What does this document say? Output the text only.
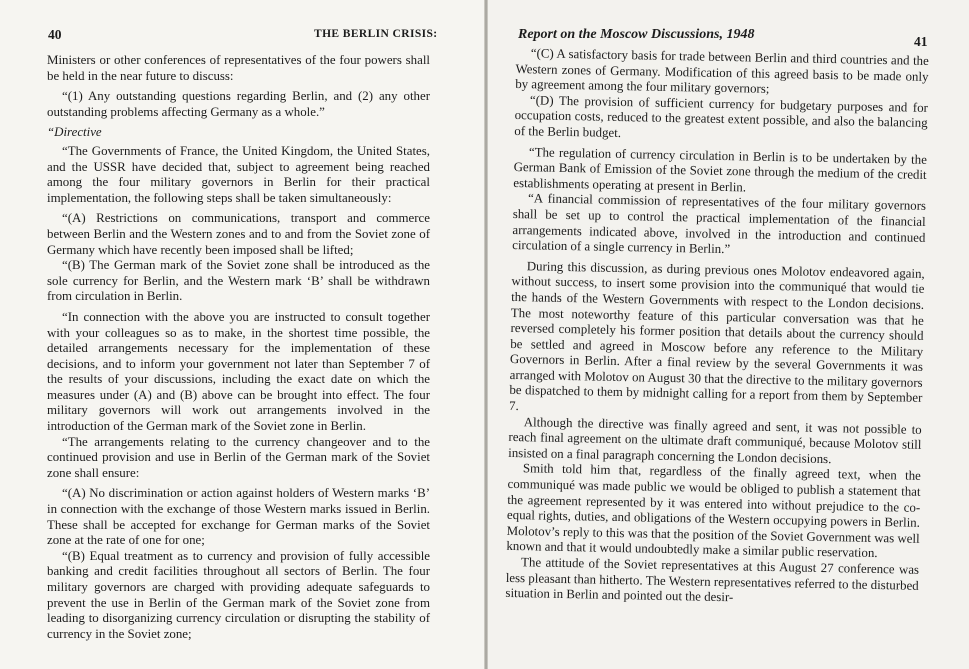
40	THE BERLIN CRISIS:

Ministers or other conferences of representatives of the four powers shall be held in the near future to discuss:

“(1) Any outstanding questions regarding Berlin, and (2) any other outstanding problems affecting Germany as a whole.”

“Directive

“The Governments of France, the United Kingdom, the United States, and the USSR have decided that, subject to agreement being reached among the four military governors in Berlin for their practical implementation, the following steps shall be taken simultaneously:

“(A) Restrictions on communications, transport and commerce between Berlin and the Western zones and to and from the Soviet zone of Germany which have recently been imposed shall be lifted;

“(B) The German mark of the Soviet zone shall be introduced as the sole currency for Berlin, and the Western mark ‘B’ shall be withdrawn from circulation in Berlin.

“In connection with the above you are instructed to consult together with your colleagues so as to make, in the shortest time possible, the detailed arrangements necessary for the implementation of these decisions, and to inform your government not later than September 7 of the results of your discussions, including the exact date on which the measures under (A) and (B) above can be brought into effect. The four military governors will work out arrangements involved in the introduction of the German mark of the Soviet zone in Berlin.

“The arrangements relating to the currency changeover and to the continued provision and use in Berlin of the German mark of the Soviet zone shall ensure:

“(A) No discrimination or action against holders of Western marks ‘B’ in connection with the exchange of those Western marks issued in Berlin. These shall be accepted for exchange for German marks of the Soviet zone at the rate of one for one;

“(B) Equal treatment as to currency and provision of fully accessible banking and credit facilities throughout all sectors of Berlin. The four military governors are charged with providing adequate safeguards to prevent the use in Berlin of the German mark of the Soviet zone from leading to disorganizing currency circulation or disrupting the stability of currency in the Soviet zone;

Report on the Moscow Discussions, 1948	41

“(C) A satisfactory basis for trade between Berlin and third countries and the Western zones of Germany. Modification of this agreed basis to be made only by agreement among the four military governors;

“(D) The provision of sufficient currency for budgetary purposes and for occupation costs, reduced to the greatest extent possible, and also the balancing of the Berlin budget.

“The regulation of currency circulation in Berlin is to be undertaken by the German Bank of Emission of the Soviet zone through the medium of the credit establishments operating at present in Berlin.

“A financial commission of representatives of the four military governors shall be set up to control the practical implementation of the financial arrangements indicated above, involved in the introduction and continued circulation of a single currency in Berlin.”

During this discussion, as during previous ones Molotov endeavored again, without success, to insert some provision into the communiqué that would tie the hands of the Western Governments with respect to the London decisions. The most noteworthy feature of this particular conversation was that he reversed completely his former position that details about the currency should be settled and agreed in Moscow before any reference to the Military Governors in Berlin. After a final review by the several Governments it was arranged with Molotov on August 30 that the directive to the military governors be dispatched to them by midnight calling for a report from them by September 7.

Although the directive was finally agreed and sent, it was not possible to reach final agreement on the ultimate draft communiqué, because Molotov still insisted on a final paragraph concerning the London decisions.

Smith told him that, regardless of the finally agreed text, when the communiqué was made public we would be obliged to publish a statement that the agreement represented by it was entered into without prejudice to the co-equal rights, duties, and obligations of the Western occupying powers in Berlin. Molotov’s reply to this was that the position of the Soviet Government was well known and that it would undoubtedly make a similar public reservation.

The attitude of the Soviet representatives at this August 27 conference was less pleasant than hitherto. The Western representatives referred to the disturbed situation in Berlin and pointed out the desir-
